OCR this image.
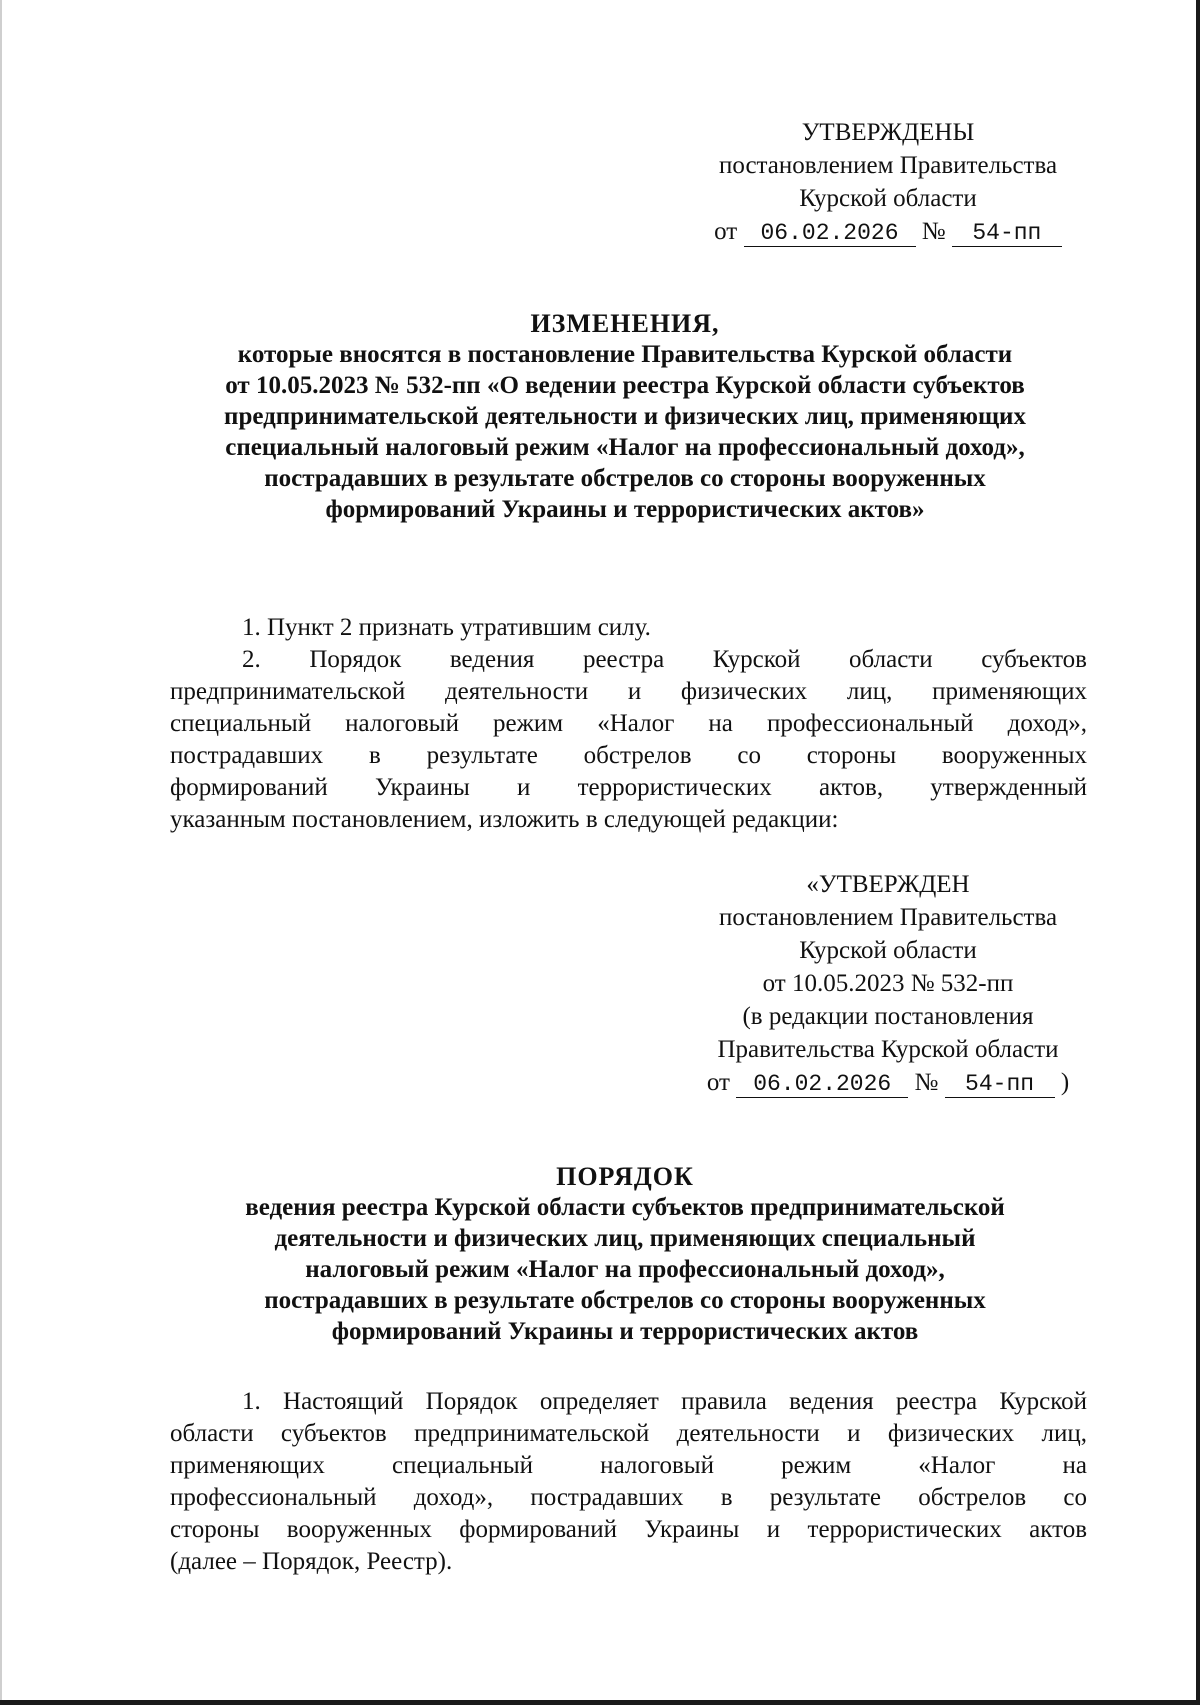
УТВЕРЖДЕНЫ
постановлением Правительства
Курской области
от 06.02.2026 № 54-пп
ИЗМЕНЕНИЯ,
которые вносятся в постановление Правительства Курской области
от 10.05.2023 № 532-пп «О ведении реестра Курской области субъектов
предпринимательской деятельности и физических лиц, применяющих
специальный налоговый режим «Налог на профессиональный доход»,
пострадавших в результате обстрелов со стороны вооруженных
формирований Украины и террористических актов»
1. Пункт 2 признать утратившим силу.
2. Порядок ведения реестра Курской области субъектов
предпринимательской деятельности и физических лиц, применяющих
специальный налоговый режим «Налог на профессиональный доход»,
пострадавших в результате обстрелов со стороны вооруженных
формирований Украины и террористических актов, утвержденный
указанным постановлением, изложить в следующей редакции:
«УТВЕРЖДЕН
постановлением Правительства
Курской области
от 10.05.2023 № 532-пп
(в редакции постановления
Правительства Курской области
от 06.02.2026 № 54-пп )
ПОРЯДОК
ведения реестра Курской области субъектов предпринимательской
деятельности и физических лиц, применяющих специальный
налоговый режим «Налог на профессиональный доход»,
пострадавших в результате обстрелов со стороны вооруженных
формирований Украины и террористических актов
1. Настоящий Порядок определяет правила ведения реестра Курской
области субъектов предпринимательской деятельности и физических лиц,
применяющих специальный налоговый режим «Налог на
профессиональный доход», пострадавших в результате обстрелов со
стороны вооруженных формирований Украины и террористических актов
(далее – Порядок, Реестр).
